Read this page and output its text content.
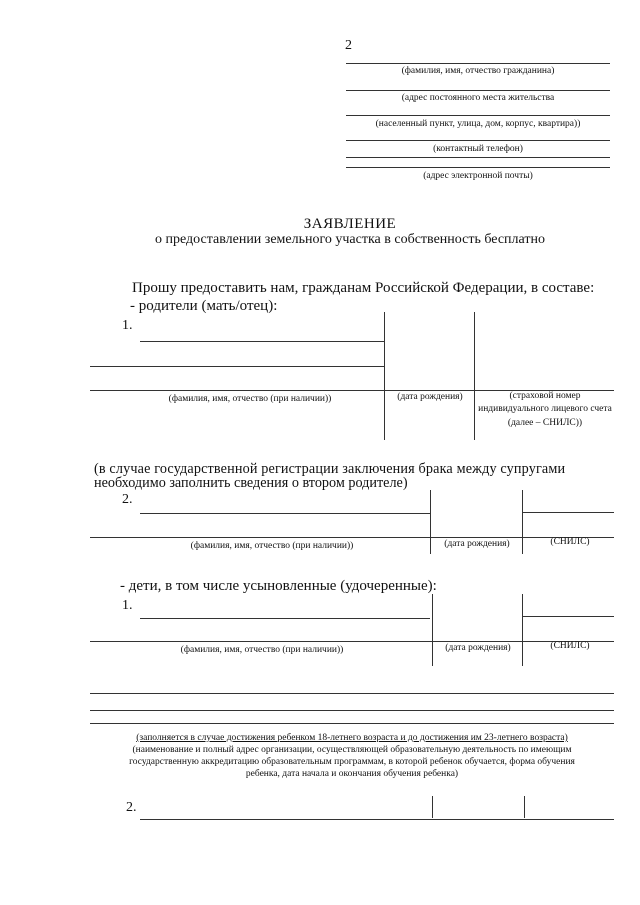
2
(фамилия, имя, отчество гражданина)
(адрес постоянного места жительства
(населенный пункт, улица, дом, корпус, квартира))
(контактный телефон)
(адрес электронной почты)
ЗАЯВЛЕНИЕ
о предоставлении земельного участка в собственность бесплатно
Прошу предоставить нам, гражданам Российской Федерации, в составе:
- родители (мать/отец):
1.
(фамилия, имя, отчество (при наличии))	(дата рождения)	(страховой номер индивидуального лицевого счета (далее – СНИЛС))
(в случае государственной регистрации заключения брака между супругами
необходимо заполнить сведения о втором родителе)
2.
(фамилия, имя, отчество (при наличии))	(дата рождения)	(СНИЛС)
- дети, в том числе усыновленные (удочеренные):
1.
(фамилия, имя, отчество (при наличии))	(дата рождения)	(СНИЛС)
(заполняется в случае достижения ребенком 18-летнего возраста и до достижения им 23-летнего возраста)
(наименование и полный адрес организации, осуществляющей образовательную деятельность по имеющим
государственную аккредитацию образовательным программам, в которой ребенок обучается, форма обучения
ребенка, дата начала и окончания обучения ребенка)
2.
